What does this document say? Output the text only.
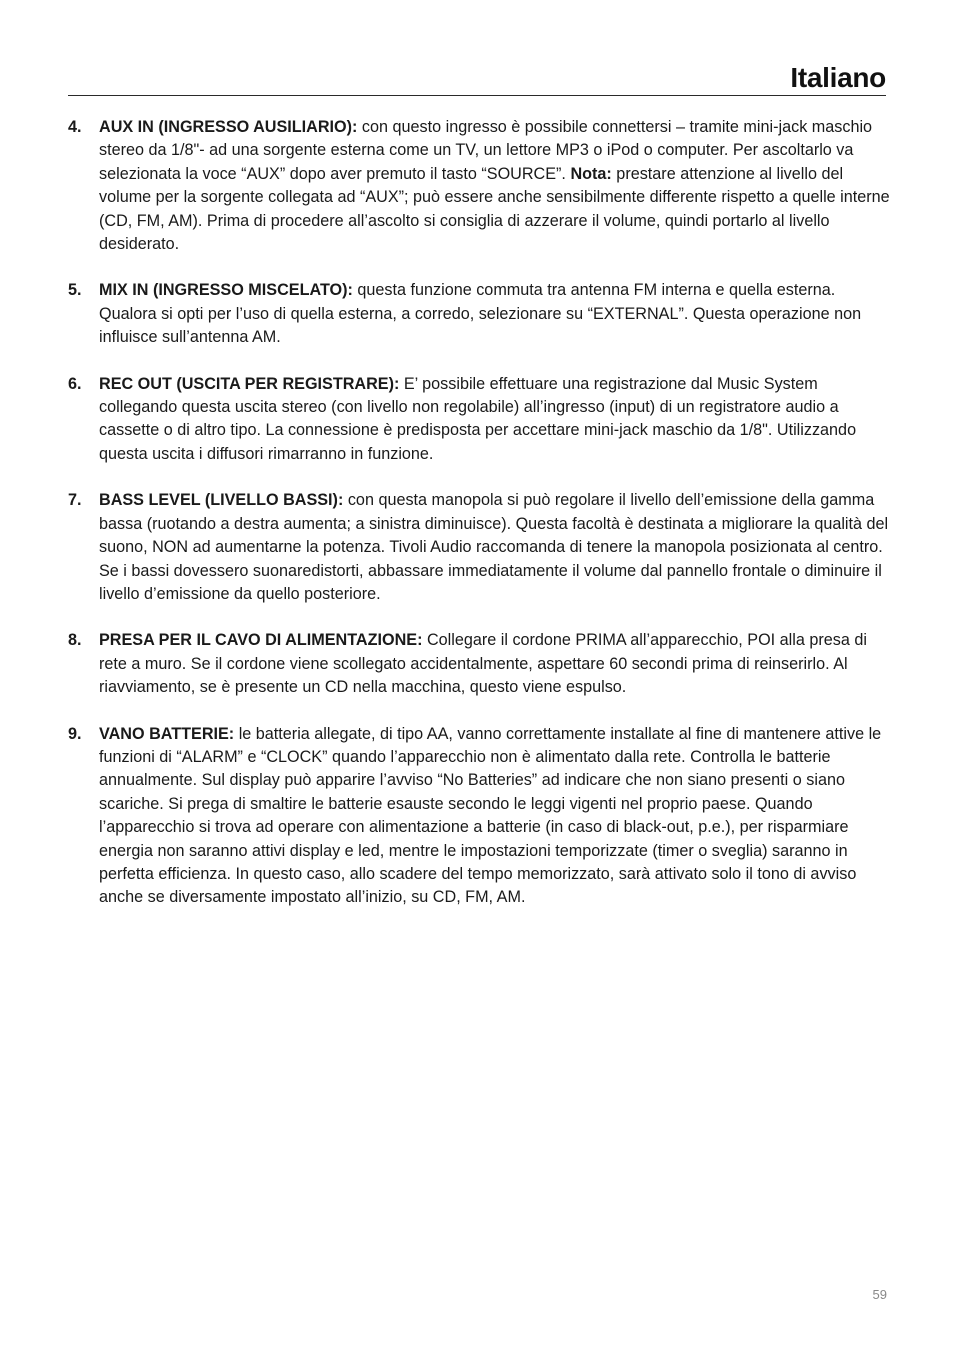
Italiano
4.	AUX IN (INGRESSO AUSILIARIO): con questo ingresso è possibile connettersi – tramite mini-jack maschio stereo da 1/8"- ad una sorgente esterna come un TV, un lettore MP3 o iPod o computer. Per ascoltarlo va selezionata la voce “AUX” dopo aver premuto il tasto “SOURCE”. Nota: prestare attenzione al livello del volume per la sorgente collegata ad “AUX”; può essere anche sensibilmente differente rispetto a quelle interne (CD, FM, AM). Prima di procedere all’ascolto si consiglia di azzerare il volume, quindi portarlo al livello desiderato.
5.	MIX IN (INGRESSO MISCELATO): questa funzione commuta tra antenna FM interna e quella esterna. Qualora si opti per l’uso di quella esterna, a corredo, selezionare su “EXTERNAL”. Questa operazione non influisce sull’antenna AM.
6.	REC OUT (USCITA PER REGISTRARE): E’ possibile effettuare una registrazione dal Music System collegando questa uscita stereo (con livello non regolabile) all’ingresso (input) di un registratore audio a cassette o di altro tipo. La connessione è predisposta per accettare mini-jack maschio da 1/8". Utilizzando questa uscita i diffusori rimarranno in funzione.
7.	BASS LEVEL (LIVELLO BASSI): con questa manopola si può regolare il livello dell’emissione della gamma bassa (ruotando a destra aumenta; a sinistra diminuisce). Questa facoltà è destinata a migliorare la qualità del suono, NON ad aumentarne la potenza. Tivoli Audio raccomanda di tenere la manopola posizionata al centro. Se i bassi dovessero suonaredistorti, abbassare immediatamente il volume dal pannello frontale o diminuire il livello d’emissione da quello posteriore.
8.	PRESA PER IL CAVO DI ALIMENTAZIONE: Collegare il cordone PRIMA all’apparecchio, POI alla presa di rete a muro. Se il cordone viene scollegato accidentalmente, aspettare 60 secondi prima di reinserirlo. Al riavviamento, se è presente un CD nella macchina, questo viene espulso.
9.	VANO BATTERIE: le batteria allegate, di tipo AA, vanno correttamente installate al fine di mantenere attive le funzioni di “ALARM” e “CLOCK” quando l’apparecchio non è alimentato dalla rete. Controlla le batterie annualmente. Sul display può apparire l’avviso “No Batteries” ad indicare che non siano presenti o siano scariche. Si prega di smaltire le batterie esauste secondo le leggi vigenti nel proprio paese. Quando l’apparecchio si trova ad operare con alimentazione a batterie (in caso di black-out, p.e.), per risparmiare energia non saranno attivi display e led, mentre le impostazioni temporizzate (timer o sveglia) saranno in perfetta efficienza. In questo caso, allo scadere del tempo memorizzato, sarà attivato solo il tono di avviso anche se diversamente impostato all’inizio, su CD, FM, AM.
59
